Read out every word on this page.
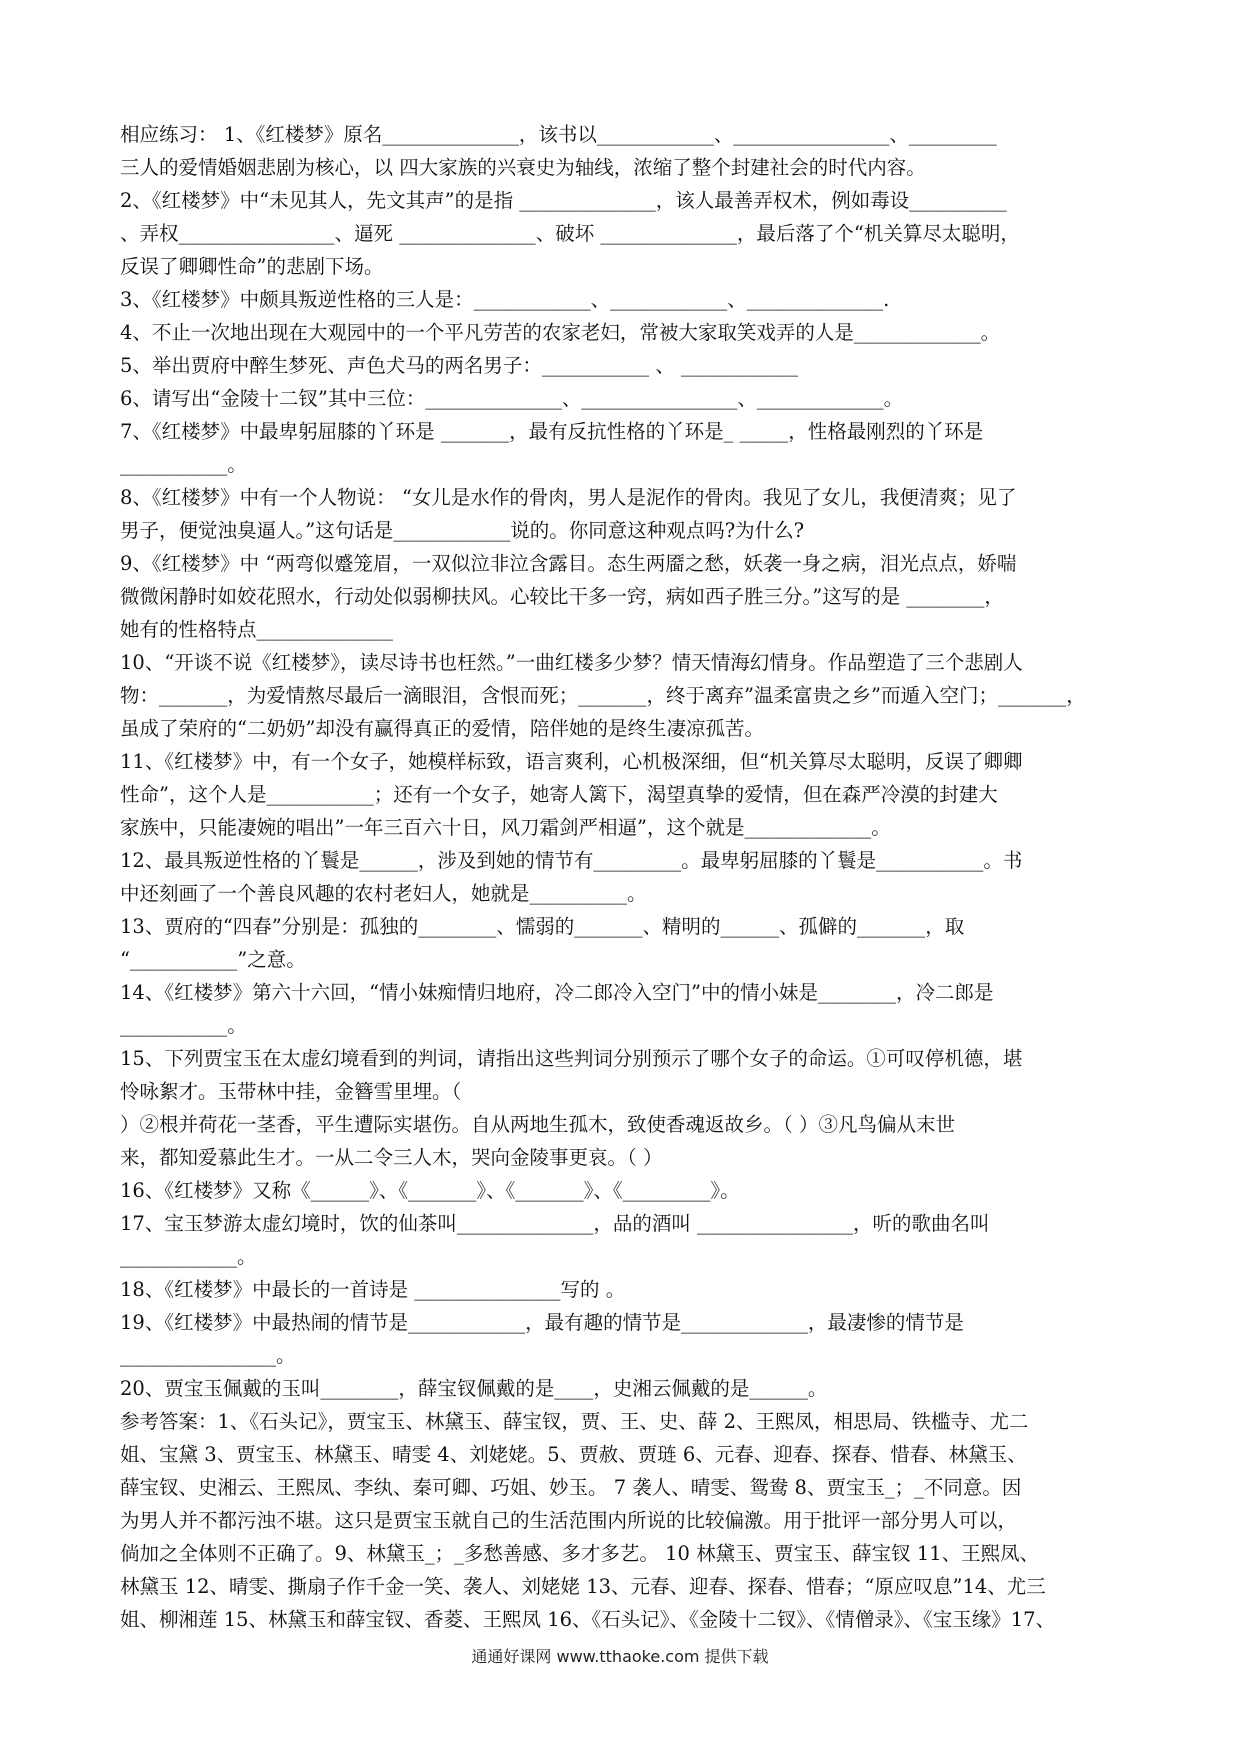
相应练习： 1、《红楼梦》原名______________，该书以____________、________________、_________

三人的爱情婚姻悲剧为核心，以 四大家族的兴衰史为轴线，浓缩了整个封建社会的时代内容。

2、《红楼梦》中“未见其人，先文其声”的是指 ______________，该人最善弄权术，例如毒设__________

、弄权________________、逼死 ______________、破坏 ______________，最后落了个“机关算尽太聪明，

反误了卿卿性命”的悲剧下场。

3、《红楼梦》中颇具叛逆性格的三人是：____________、____________、______________.

4、不止一次地出现在大观园中的一个平凡劳苦的农家老妇，常被大家取笑戏弄的人是_____________。

5、举出贾府中醉生梦死、声色犬马的两名男子：___________ 、 ____________

6、请写出“金陵十二钗”其中三位：______________、________________、_____________。

7、《红楼梦》中最卑躬屈膝的丫环是 _______，最有反抗性格的丫环是_ _____，性格最刚烈的丫环是

___________。

8、《红楼梦》中有一个人物说： “女儿是水作的骨肉，男人是泥作的骨肉。我见了女儿，我便清爽；见了

男子，便觉浊臭逼人。”这句话是____________说的。你同意这种观点吗?为什么?

9、《红楼梦》中 “两弯似蹙笼眉，一双似泣非泣含露目。态生两靥之愁，妖袭一身之病，泪光点点，娇喘

微微闲静时如姣花照水，行动处似弱柳扶风。心较比干多一窍，病如西子胜三分。”这写的是 ________，

她有的性格特点______________

10、“开谈不说《红楼梦》，读尽诗书也枉然。”一曲红楼多少梦？情天情海幻情身。作品塑造了三个悲剧人

物：_______，为爱情熬尽最后一滴眼泪，含恨而死；_______，终于离弃”温柔富贵之乡”而遁入空门；_______，

虽成了荣府的“二奶奶”却没有赢得真正的爱情，陪伴她的是终生凄凉孤苦。

11、《红楼梦》中，有一个女子，她模样标致，语言爽利，心机极深细，但“机关算尽太聪明，反误了卿卿

性命”，这个人是___________；还有一个女子，她寄人篱下，渴望真挚的爱情，但在森严冷漠的封建大

家族中，只能凄婉的唱出”一年三百六十日，风刀霜剑严相逼”，这个就是_____________。

12、最具叛逆性格的丫鬟是______，涉及到她的情节有_________。最卑躬屈膝的丫鬟是___________。书

中还刻画了一个善良风趣的农村老妇人，她就是__________。

13、贾府的“四春”分别是：孤独的________、懦弱的_______、精明的______、孤僻的_______，取

“___________”之意。

14、《红楼梦》第六十六回，“情小妹痴情归地府，冷二郎冷入空门”中的情小妹是________，冷二郎是

___________。

15、下列贾宝玉在太虚幻境看到的判词，请指出这些判词分别预示了哪个女子的命运。①可叹停机德，堪

怜咏絮才。玉带林中挂，金簪雪里埋。（

）②根并荷花一茎香，平生遭际实堪伤。自从两地生孤木，致使香魂返故乡。（ ）③凡鸟偏从末世

来，都知爱慕此生才。一从二令三人木，哭向金陵事更哀。（ ）

16、《红楼梦》又称《______》、《_______》、《_______》、《_________》。

17、宝玉梦游太虚幻境时，饮的仙茶叫______________，品的酒叫 ________________，听的歌曲名叫

____________。

18、《红楼梦》中最长的一首诗是 _______________写的 。

19、《红楼梦》中最热闹的情节是____________，最有趣的情节是_____________，最凄惨的情节是

________________。

20、贾宝玉佩戴的玉叫________，薛宝钗佩戴的是____，史湘云佩戴的是______。

参考答案：1、《石头记》，贾宝玉、林黛玉、薛宝钗，贾、王、史、薛 2、王熙凤，相思局、铁槛寺、尤二

姐、宝黛 3、贾宝玉、林黛玉、晴雯 4、刘姥姥。5、贾赦、贾琏 6、元春、迎春、探春、惜春、林黛玉、

薛宝钗、史湘云、王熙凤、李纨、秦可卿、巧姐、妙玉。 7 袭人、晴雯、鸳鸯 8、贾宝玉_；_不同意。因

为男人并不都污浊不堪。这只是贾宝玉就自己的生活范围内所说的比较偏激。用于批评一部分男人可以，

倘加之全体则不正确了。9、林黛玉_；_多愁善感、多才多艺。 10 林黛玉、贾宝玉、薛宝钗 11、王熙凤、

林黛玉 12、晴雯、撕扇子作千金一笑、袭人、刘姥姥 13、元春、迎春、探春、惜春；“原应叹息”14、尤三

姐、柳湘莲 15、林黛玉和薛宝钗、香菱、王熙凤 16、《石头记》、《金陵十二钗》、《情僧录》、《宝玉缘》17、

通通好课网 www.tthaoke.com 提供下载
